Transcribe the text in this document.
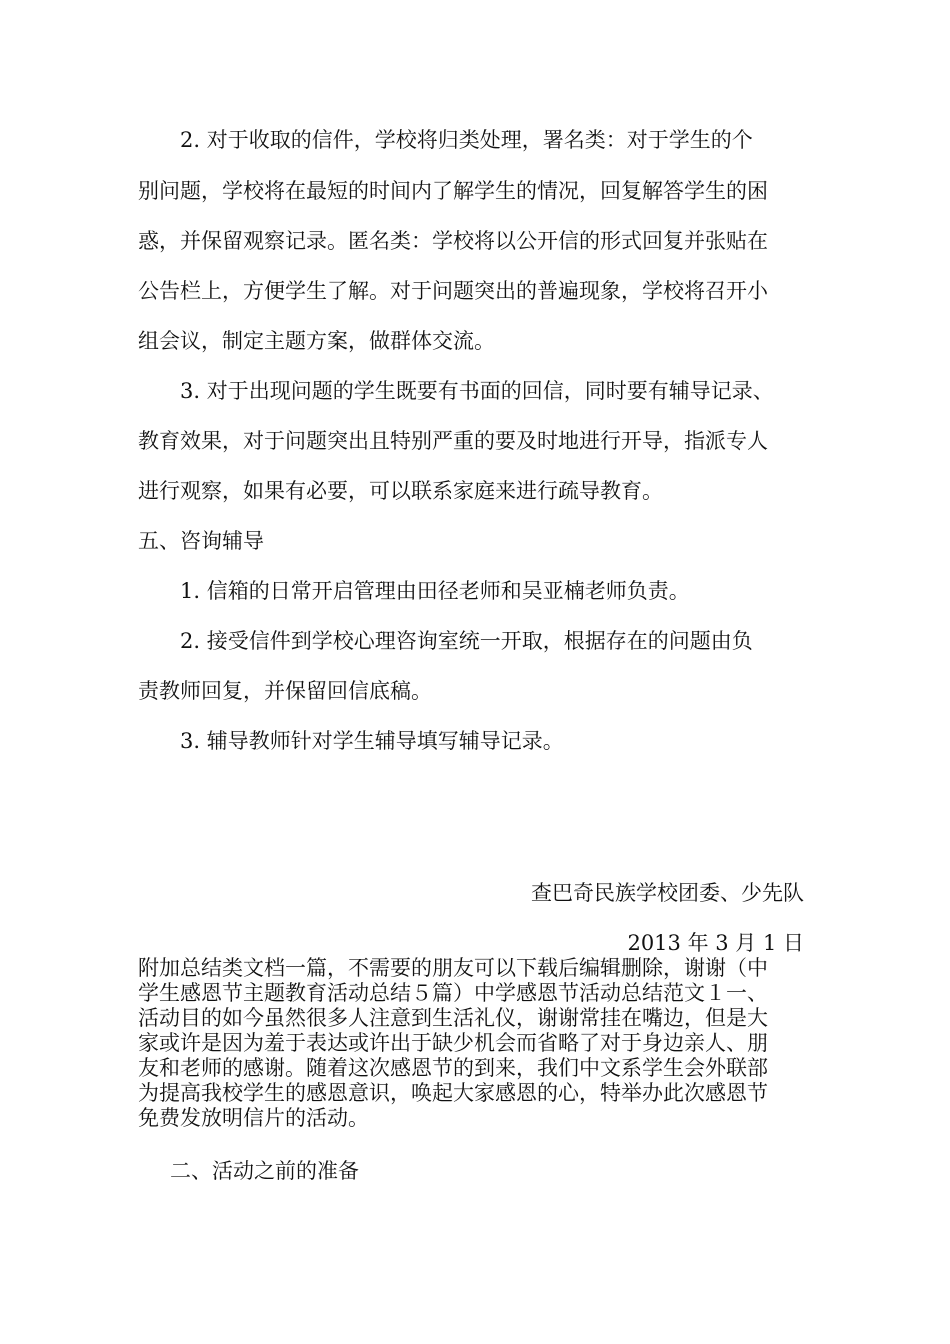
2. 对于收取的信件，学校将归类处理，署名类：对于学生的个
别问题，学校将在最短的时间内了解学生的情况，回复解答学生的困
惑，并保留观察记录。匿名类：学校将以公开信的形式回复并张贴在
公告栏上，方便学生了解。对于问题突出的普遍现象，学校将召开小
组会议，制定主题方案，做群体交流。
3. 对于出现问题的学生既要有书面的回信，同时要有辅导记录、
教育效果，对于问题突出且特别严重的要及时地进行开导，指派专人
进行观察，如果有必要，可以联系家庭来进行疏导教育。
五、咨询辅导
1. 信箱的日常开启管理由田径老师和吴亚楠老师负责。
2. 接受信件到学校心理咨询室统一开取，根据存在的问题由负
责教师回复，并保留回信底稿。
3. 辅导教师针对学生辅导填写辅导记录。
查巴奇民族学校团委、少先队
2013 年 3 月 1 日
附加总结类文档一篇，不需要的朋友可以下载后编辑删除，谢谢（中
学生感恩节主题教育活动总结５篇）中学感恩节活动总结范文１一、
活动目的如今虽然很多人注意到生活礼仪，谢谢常挂在嘴边，但是大
家或许是因为羞于表达或许出于缺少机会而省略了对于身边亲人、朋
友和老师的感谢。随着这次感恩节的到来，我们中文系学生会外联部
为提高我校学生的感恩意识，唤起大家感恩的心，特举办此次感恩节
免费发放明信片的活动。
二、活动之前的准备
